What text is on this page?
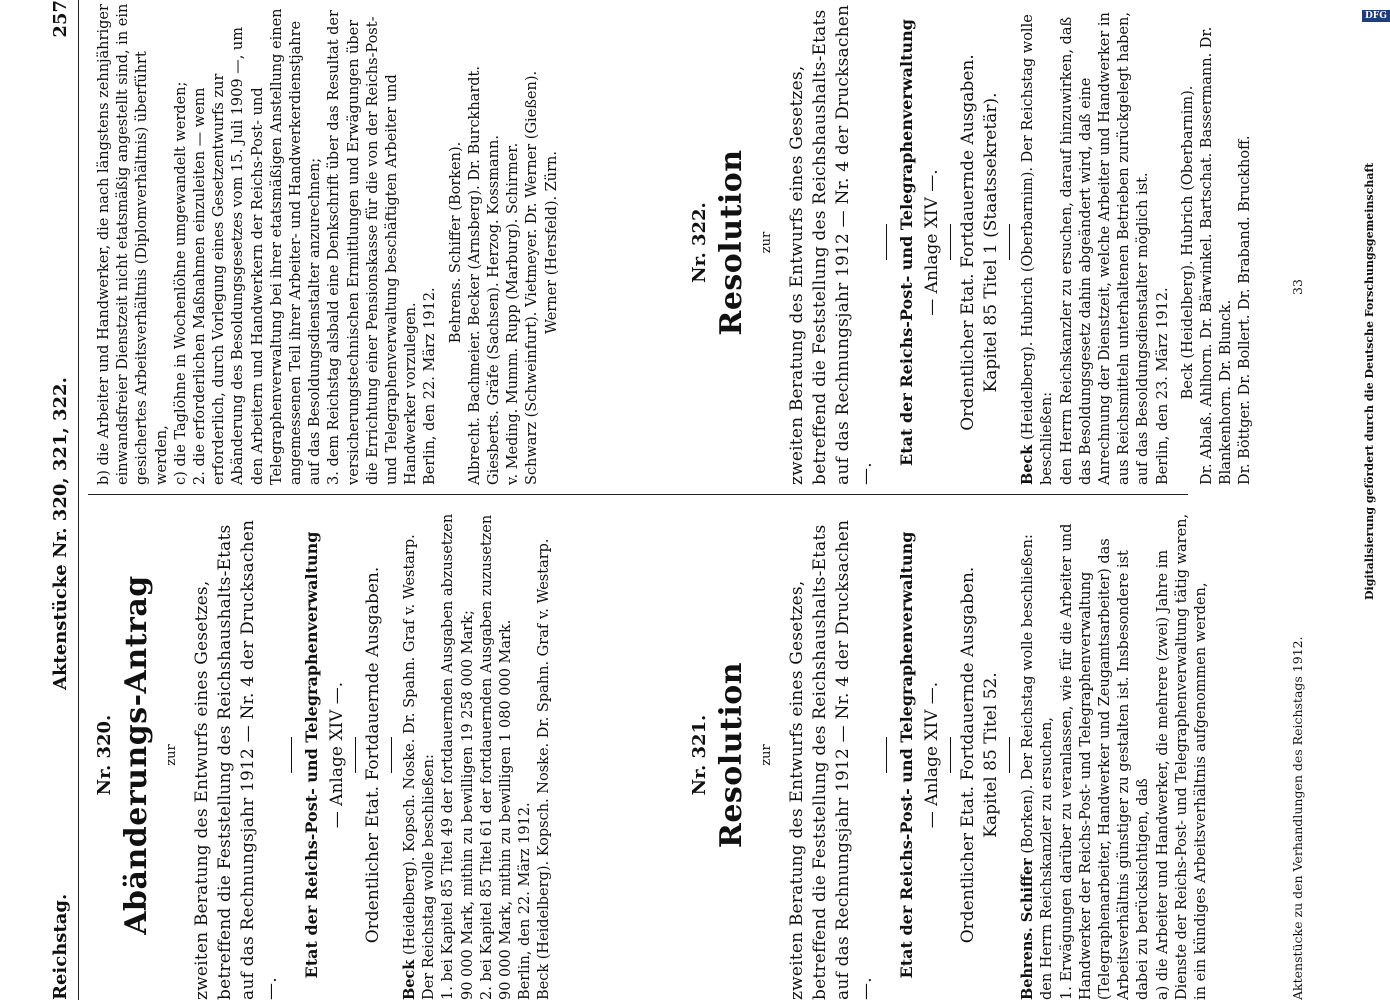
Reichstag.
Aktenstücke Nr. 320, 321, 322.
257
Nr. 320. Abänderungs-Antrag zur zweiten Beratung des Entwurfs eines Gesetzes, betreffend die Feststellung des Reichshaushalts-Etats auf das Rechnungsjahr 1912 — Nr. 4 der Drucksachen —.

Etat der Reichs-Post- und Telegraphenverwaltung — Anlage XIV —. Ordentlicher Etat. Fortdauernde Ausgaben.

Beck (Heidelberg). Kopsch. Noske. Dr. Spahn. Graf v. Westarp. Der Reichstag wolle beschließen: 1. bei Kapitel 85 Titel 49 der fortdauernden Ausgaben abzusetzen 90 000 Mark, mithin zu bewilligen 19 258 000 Mark; 2. bei Kapitel 85 Titel 61 der fortdauernden Ausgaben zuzusetzen 90 000 Mark, mithin zu bewilligen 1 080 000 Mark. Berlin, den 22. März 1912. Beck (Heidelberg). Kopsch. Noske. Dr. Spahn. Graf v. Westarp.	Nr. 321. Resolution zur zweiten Beratung des Entwurfs eines Gesetzes, betreffend die Feststellung des Reichshaushalts-Etats auf das Rechnungsjahr 1912 — Nr. 4 der Drucksachen —.

Etat der Reichs-Post- und Telegraphenverwaltung — Anlage XIV —. Ordentlicher Etat. Fortdauernde Ausgaben. Kapitel 85 Titel 52.

Behrens. Schiffer (Borken). Der Reichstag wolle beschließen:

den Herrn Reichskanzler zu ersuchen, 1. Erwägungen darüber zu veranlassen, wie für die Arbeiter und Handwerker der Reichs-Post- und Telegraphenverwaltung (Telegraphenarbeiter, Handwerker und Zeugamtsarbeiter) das Arbeitsverhältnis günstiger zu gestalten ist. Insbesondere ist dabei zu berücksichtigen, daß a) die Arbeiter und Handwerker, die mehrere (zwei) Jahre im Dienste der Reichs-Post- und Telegraphenverwaltung tätig waren, in ein kündiges Arbeitsverhältnis aufgenommen werden,

b) die Arbeiter und Handwerker, die nach längstens zehnjähriger einwandsfreier Dienstzeit nicht etatsmäßig angestellt sind, in ein gesichertes Arbeitsverhältnis (Diplomverhältnis) überführt werden, c) die Taglöhne in Wochenlöhne umgewandelt werden; 2. die erforderlichen Maßnahmen einzuleiten — wenn erforderlich, durch Vorlegung eines Gesetzentwurfs zur Abänderung des Besoldungsgesetzes vom 15. Juli 1909 —, um den Arbeitern und Handwerkern der Reichs-Post- und Telegraphenverwaltung bei ihrer etatsmäßigen Anstellung einen angemessenen Teil ihrer Arbeiter- und Handwerkerdienstjahre auf das Besoldungsdienstalter anzurechnen; 3. dem Reichstag alsbald eine Denkschrift über das Resultat der versicherungstechnischen Ermittlungen und Erwägungen über die Errichtung einer Pensionskasse für die von der Reichs-Post- und Telegraphenverwaltung beschäftigten Arbeiter und Handwerker vorzulegen. Berlin, den 22. März 1912.

Behrens. Schiffer (Borken). Albrecht. Bachmeier. Becker (Arnsberg). Dr. Burckhardt. Giesberts. Gräfe (Sachsen). Herzog. Kossmann. v. Meding. Mumm. Rupp (Marburg). Schirmer. Schwarz (Schweinfurt). Vietmeyer. Dr. Werner (Gießen). Werner (Hersfeld). Zürn.	Nr. 322. Resolution zur zweiten Beratung des Entwurfs eines Gesetzes, betreffend die Feststellung des Reichshaushalts-Etats auf das Rechnungsjahr 1912 — Nr. 4 der Drucksachen —.

Etat der Reichs-Post- und Telegraphenverwaltung — Anlage XIV —. Ordentlicher Etat. Fortdauernde Ausgaben. Kapitel 85 Titel 1 (Staatssekretär).

Beck (Heidelberg). Hubrich (Oberbarnim). Der Reichstag wolle beschließen: den Herrn Reichskanzler zu ersuchen, darauf hinzuwirken, daß das Besoldungsgesetz dahin abgeändert wird, daß eine Anrechnung der Dienstzeit, welche Arbeiter und Handwerker in aus Reichsmitteln unterhaltenen Betrieben zurückgelegt haben, auf das Besoldungsdienstalter möglich ist. Berlin, den 23. März 1912. Beck (Heidelberg). Hubrich (Oberbarnim). Dr. Ablaß. Ahlhorn. Dr. Bärwinkel. Bartschat. Bassermann. Dr. Blankenhorn. Dr. Blunck. Dr. Böttger. Dr. Bollert. Dr. Braband. Bruckhoff.

Aktenstücke zu den Verhandlungen des Reichstags 1912.
33	Digitalisierung gefördert durch die Deutsche Forschungsgemeinschaft
DFG
